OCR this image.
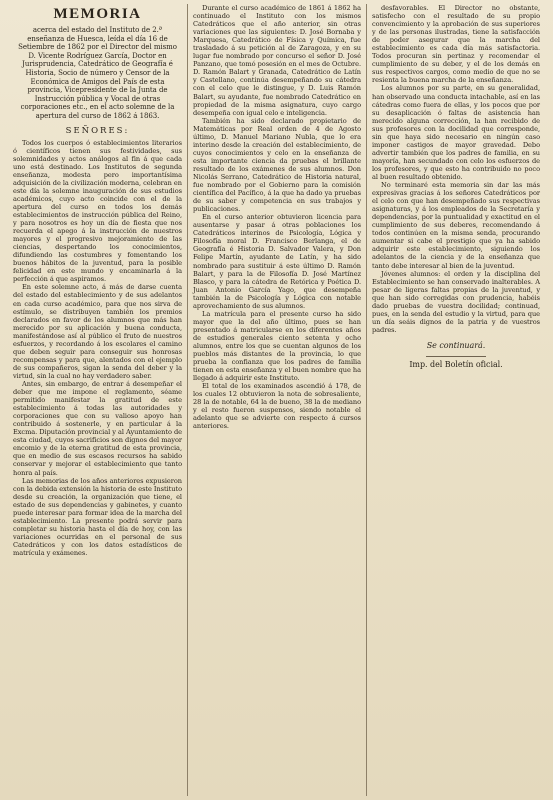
MEMORIA
acerca del estado del Instituto de 2.ª enseñanza de Huesca, leída el día 16 de Setiembre de 1862 por el Director del mismo D. Vicente Rodríguez García, Doctor en Jurisprudencia, Catedrático de Geografía é Historia, Socio de número y Censor de la Económica de Amigos del País de esta provincia, Vicepresidente de la Junta de Instrucción pública y Vocal de otras corporaciones etc., en el acto solemne de la apertura del curso de 1862 á 1863.
SEÑORES:

Todos los cuerpos ó establecimientos literarios ó científicos tienen sus festividades, sus solemnidades y actos análogos al fin á que cada uno está destinado. Los Institutos de segunda enseñanza, modesta pero importantísima adquisición de la civilización moderna, celebran en este día la solemne inauguración de sus estudios académicos, cuyo acto coincide con el de la apertura del curso en todos los demás establecimientos de instrucción pública del Reino, y para nosotros es hoy un día de fiesta que nos recuerda el apego á la instrucción de nuestros mayores y el progresivo mejoramiento de las ciencias, despertando los conocimientos, difundiendo las costumbres y fomentando los buenos hábitos de la juventud, para la posible felicidad en este mundo y encaminarla á la perfección á que aspiramos.

En este solemne acto, á más de darse cuenta del estado del establecimiento y de sus adelantos en cada curso académico, para que nos sirva de estímulo, se distribuyen también los premios declarados en favor de los alumnos que más han merecido por su aplicación y buena conducta, manifestándose así al público el fruto de nuestros esfuerzos, y recordando á los escolares el camino que deben seguir para conseguir sus honrosas recompensas y para que, alentados con el ejemplo de sus compañeros, sigan la senda del deber y la virtud, sin la cual no hay verdadero saber.

Antes, sin embargo, de entrar á desempeñar el deber que me impone el reglamento, séame permitido manifestar la gratitud de este establecimiento á todas las autoridades y corporaciones que con su valioso apoyo han contribuido á sostenerle, y en particular á la Excma. Diputación provincial y al Ayuntamiento de esta ciudad, cuyos sacrificios son dignos del mayor encomio y de la eterna gratitud de esta provincia, que en medio de sus escasos recursos ha sabido conservar y mejorar el establecimiento que tanto honra al país.

Las memorias de los años anteriores expusieron con la debida extensión la historia de este Instituto desde su creación, la organización que tiene, el estado de sus dependencias y gabinetes, y cuanto puede interesar para formar idea de la marcha del establecimiento. La presente podrá servir para completar su historia hasta el día de hoy, con las variaciones ocurridas en el personal de sus Catedráticos y con los datos estadísticos de matrícula y exámenes.

Durante el curso académico de 1861 á 1862 ha continuado el Instituto con los mismos Catedráticos que el año anterior, sin otras variaciones que las siguientes: D. José Bornaba y Marquesa, Catedrático de Física y Química, fue trasladado á su petición al de Zaragoza, y en su lugar fue nombrado por concurso el señor D. José Panzano, que tomó posesión en el mes de Octubre. D. Ramón Balart y Granada, Catedrático de Latín y Castellano, continúa desempeñando su cátedra con el celo que le distingue, y D. Luis Ramón Balart, su ayudante, fue nombrado Catedrático en propiedad de la misma asignatura, cuyo cargo desempeña con igual celo e inteligencia.

También ha sido declarado propietario de Matemáticas por Real orden de 4 de Agosto último, D. Manuel Mariano Nubla, que lo era interino desde la creación del establecimiento, de cuyos conocimientos y celo en la enseñanza de esta importante ciencia da pruebas el brillante resultado de los exámenes de sus alumnos. Don Nicolás Serrano, Catedrático de Historia natural, fue nombrado por el Gobierno para la comisión científica del Pacífico, á la que ha dado ya pruebas de su saber y competencia en sus trabajos y publicaciones.

En el curso anterior obtuvieron licencia para ausentarse y pasar á otras poblaciones los Catedráticos interinos de Psicología, Lógica y Filosofía moral D. Francisco Berlanga, el de Geografía é Historia D. Salvador Valera, y Don Felipe Martín, ayudante de Latín, y ha sido nombrado para sustituir á este último D. Ramón Balart, y para la de Filosofía D. José Martínez Blasco, y para la cátedra de Retórica y Poética D. Juan Antonio García Yago, que desempeña también la de Psicología y Lógica con notable aprovechamiento de sus alumnos.

La matrícula para el presente curso ha sido mayor que la del año último, pues se han presentado á matricularse en los diferentes años de estudios generales ciento setenta y ocho alumnos, entre los que se cuentan algunos de los pueblos más distantes de la provincia, lo que prueba la confianza que los padres de familia tienen en esta enseñanza y el buen nombre que ha llegado á adquirir este Instituto.

El total de los examinados ascendió á 178, de los cuales 12 obtuvieron la nota de sobresaliente, 28 la de notable, 64 la de bueno, 38 la de mediano y el resto fueron suspensos, siendo notable el adelanto que se advierte con respecto á cursos anteriores.

desfavorables. El Director no obstante, satisfecho con el resultado de su propio convencimiento y la aprobación de sus superiores y de las personas ilustradas, tiene la satisfacción de poder asegurar que la marcha del establecimiento es cada día más satisfactoria. Todos procuran sin pertinaz y recomendar el cumplimiento de su deber, y el de los demás en sus respectivos cargos, como medio de que no se resienta la buena marcha de la enseñanza.

Los alumnos por su parte, en su generalidad, han observado una conducta intachable, así en las cátedras como fuera de ellas, y los pocos que por su desaplicación ó faltas de asistencia han merecido alguna corrección, la han recibido de sus profesores con la docilidad que corresponde, sin que haya sido necesario en ningún caso imponer castigos de mayor gravedad. Debo advertir también que los padres de familia, en su mayoría, han secundado con celo los esfuerzos de los profesores, y que esto ha contribuido no poco al buen resultado obtenido.

No terminaré esta memoria sin dar las más expresivas gracias á los señores Catedráticos por el celo con que han desempeñado sus respectivas asignaturas, y á los empleados de la Secretaría y dependencias, por la puntualidad y exactitud en el cumplimiento de sus deberes, recomendando á todos continúen en la misma senda, procurando aumentar si cabe el prestigio que ya ha sabido adquirir este establecimiento, siguiendo los adelantos de la ciencia y de la enseñanza que tanto debe interesar al bien de la juventud.

Jóvenes alumnos: el orden y la disciplina del Establecimiento se han conservado inalterables. A pesar de ligeras faltas propias de la juventud, y que han sido corregidas con prudencia, habéis dado pruebas de vuestra docilidad; continuad, pues, en la senda del estudio y la virtud, para que un día seáis dignos de la patria y de vuestros padres.

Se continuará.
Imp. del Boletín oficial.
